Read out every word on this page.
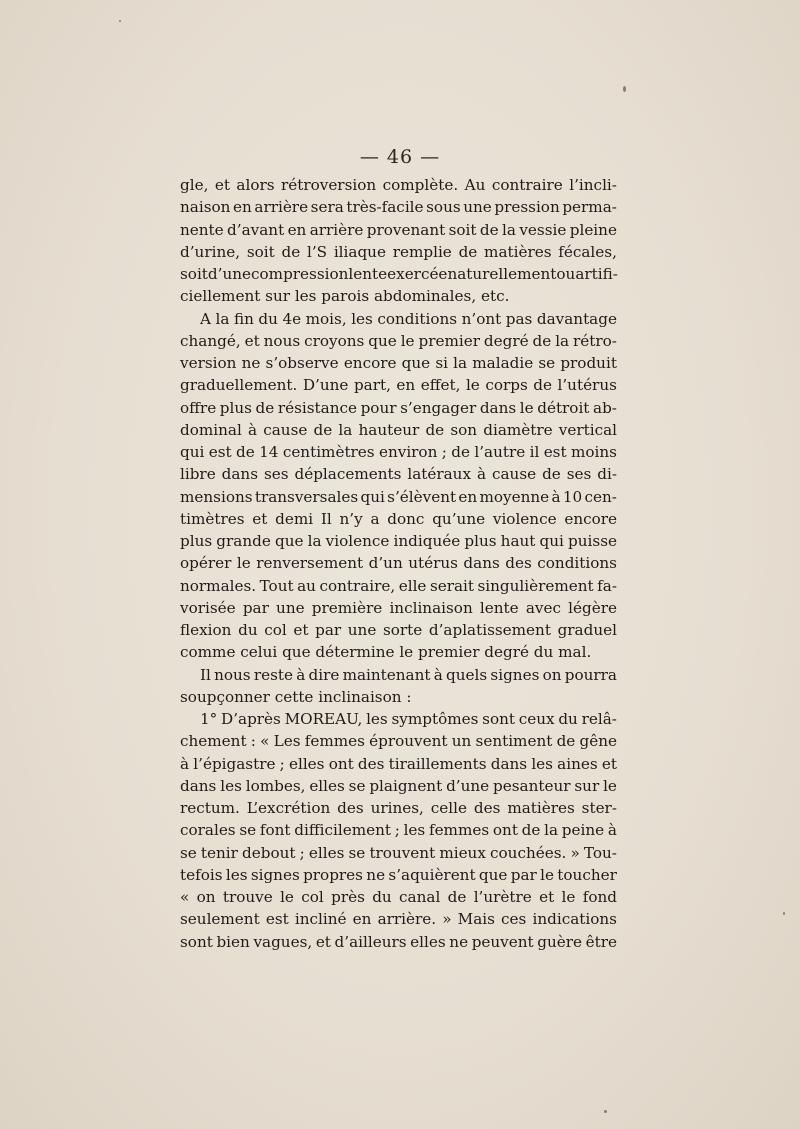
— 46 —
gle, et alors rétroversion complète. Au contraire l’incli-
naison en arrière sera très-facile sous une pression perma-
nente d’avant en arrière provenant soit de la vessie pleine
d’urine, soit de l’S iliaque remplie de matières fécales,
soit d’une compression lente exercée naturellement ou artifi-
ciellement sur les parois abdominales, etc.
A la fin du 4e mois, les conditions n’ont pas davantage
changé, et nous croyons que le premier degré de la rétro-
version ne s’observe encore que si la maladie se produit
graduellement. D’une part, en effet, le corps de l’utérus
offre plus de résistance pour s’engager dans le détroit ab-
dominal à cause de la hauteur de son diamètre vertical
qui est de 14 centimètres environ ; de l’autre il est moins
libre dans ses déplacements latéraux à cause de ses di-
mensions transversales qui s’élèvent en moyenne à 10 cen-
timètres et demi Il n’y a donc qu’une violence encore
plus grande que la violence indiquée plus haut qui puisse
opérer le renversement d’un utérus dans des conditions
normales. Tout au contraire, elle serait singulièrement fa-
vorisée par une première inclinaison lente avec légère
flexion du col et par une sorte d’aplatissement graduel
comme celui que détermine le premier degré du mal.
Il nous reste à dire maintenant à quels signes on pourra
soupçonner cette inclinaison :
1° D’après MOREAU, les symptômes sont ceux du relâ-
chement : « Les femmes éprouvent un sentiment de gêne
à l’épigastre ; elles ont des tiraillements dans les aines et
dans les lombes, elles se plaignent d’une pesanteur sur le
rectum. L’excrétion des urines, celle des matières ster-
corales se font difficilement ; les femmes ont de la peine à
se tenir debout ; elles se trouvent mieux couchées. » Tou-
tefois les signes propres ne s’aquièrent que par le toucher
« on trouve le col près du canal de l’urètre et le fond
seulement est incliné en arrière. » Mais ces indications
sont bien vagues, et d’ailleurs elles ne peuvent guère être
